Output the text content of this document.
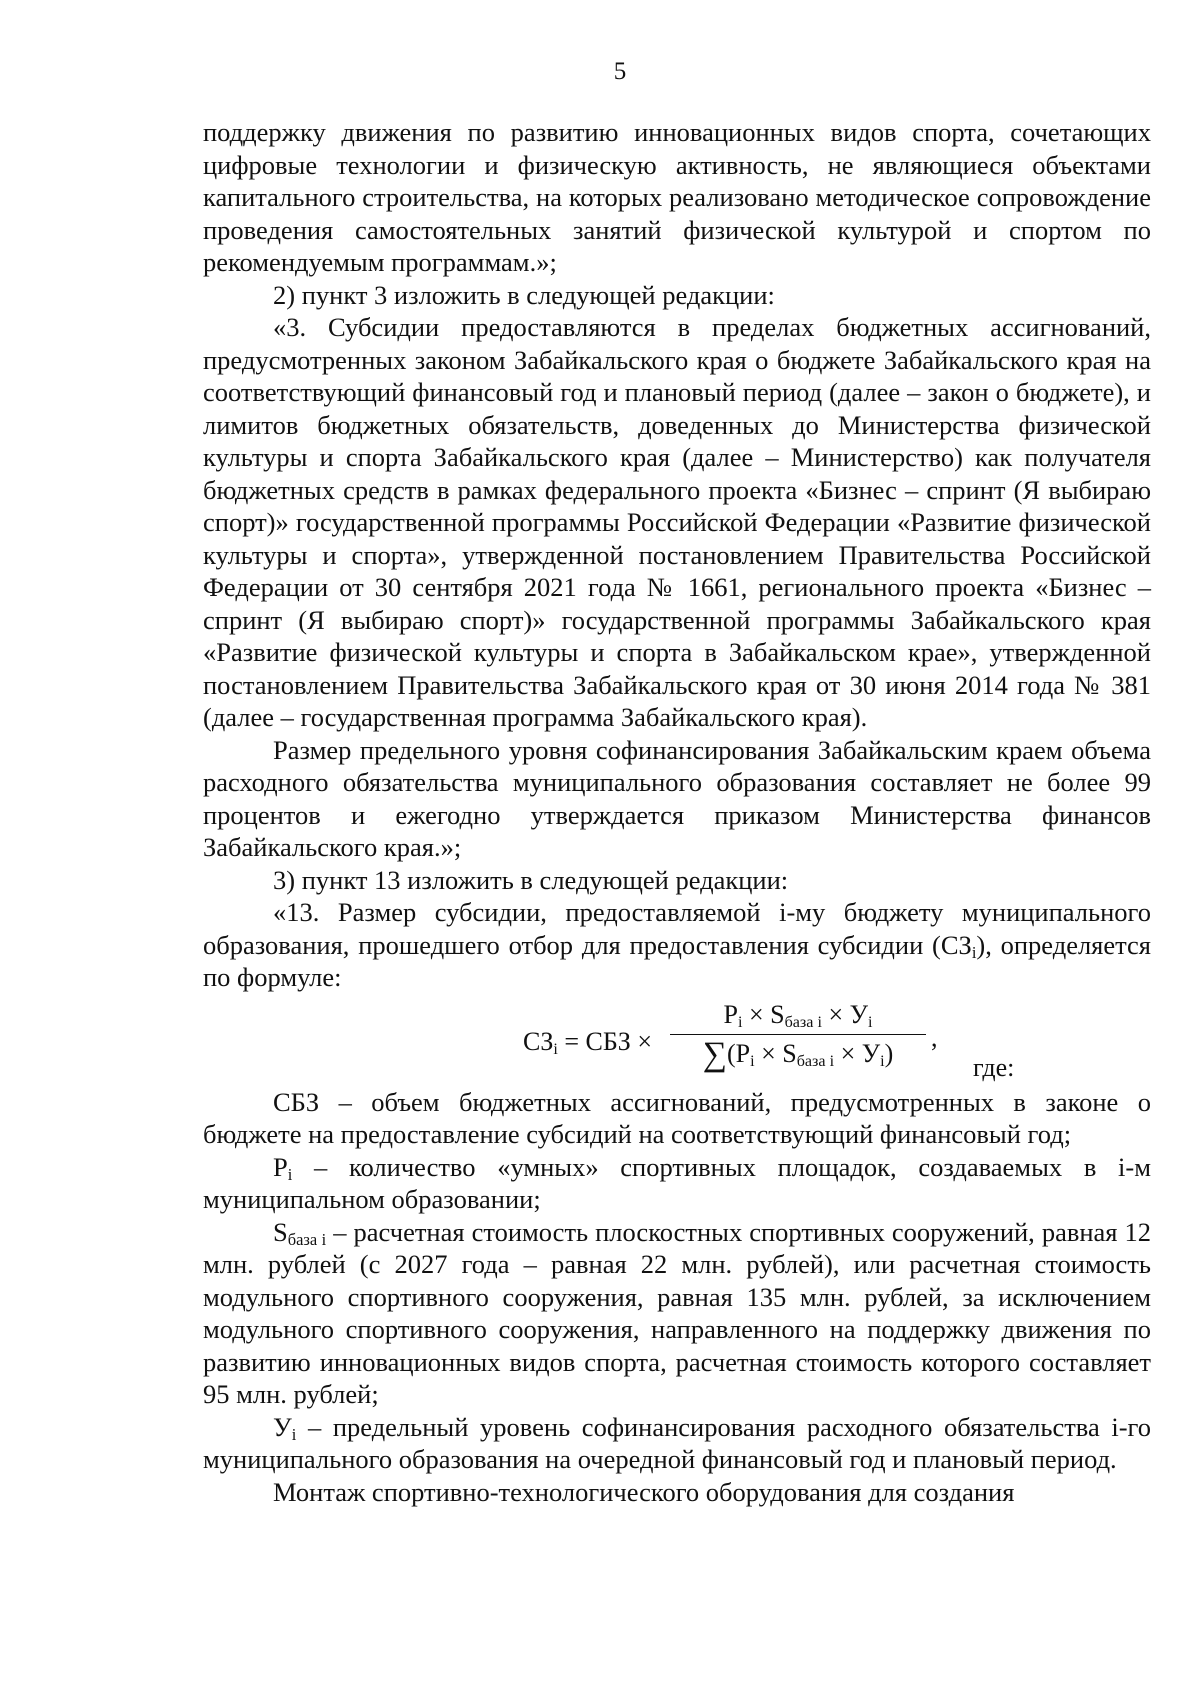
5

поддержку движения по развитию инновационных видов спорта, сочетающих цифровые технологии и физическую активность, не являющиеся объектами капитального строительства, на которых реализовано методическое сопровождение проведения самостоятельных занятий физической культурой и спортом по рекомендуемым программам.»;

2) пункт 3 изложить в следующей редакции:

«3. Субсидии предоставляются в пределах бюджетных ассигнований, предусмотренных законом Забайкальского края о бюджете Забайкальского края на соответствующий финансовый год и плановый период (далее – закон о бюджете), и лимитов бюджетных обязательств, доведенных до Министерства физической культуры и спорта Забайкальского края (далее – Министерство) как получателя бюджетных средств в рамках федерального проекта «Бизнес – спринт (Я выбираю спорт)» государственной программы Российской Федерации «Развитие физической культуры и спорта», утвержденной постановлением Правительства Российской Федерации от 30 сентября 2021 года № 1661, регионального проекта «Бизнес – спринт (Я выбираю спорт)» государственной программы Забайкальского края «Развитие физической культуры и спорта в Забайкальском крае», утвержденной постановлением Правительства Забайкальского края от 30 июня 2014 года № 381 (далее – государственная программа Забайкальского края).

Размер предельного уровня софинансирования Забайкальским краем объема расходного обязательства муниципального образования составляет не более 99 процентов и ежегодно утверждается приказом Министерства финансов Забайкальского края.»;

3) пункт 13 изложить в следующей редакции:

«13. Размер субсидии, предоставляемой i-му бюджету муниципального образования, прошедшего отбор для предоставления субсидии $(СЗ_i)$, определяется по формуле:

$СЗ_i$ = СБЗ ×
$P_i \times S_{база i} \times У_i$
$\sum(P_i \times S_{база i} \times У_i)$
,
где:

СБЗ – объем бюджетных ассигнований, предусмотренных в законе о бюджете на предоставление субсидий на соответствующий финансовый год;

$P_i$ – количество «умных» спортивных площадок, создаваемых в i-м муниципальном образовании;

$S_{база i}$ – расчетная стоимость плоскостных спортивных сооружений, равная 12 млн. рублей (с 2027 года – равная 22 млн. рублей), или расчетная стоимость модульного спортивного сооружения, равная 135 млн. рублей, за исключением модульного спортивного сооружения, направленного на поддержку движения по развитию инновационных видов спорта, расчетная стоимость которого составляет 95 млн. рублей;

$У_i$ – предельный уровень софинансирования расходного обязательства i-го муниципального образования на очередной финансовый год и плановый период.

Монтаж спортивно-технологического оборудования для создания
